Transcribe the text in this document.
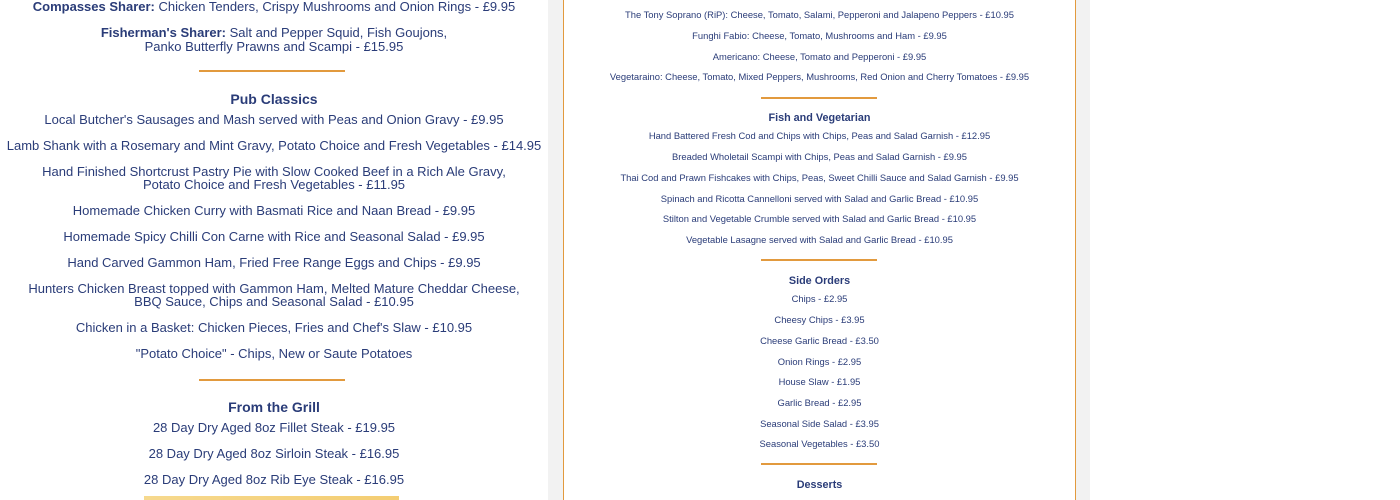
Compasses Sharer: Chicken Tenders, Crispy Mushrooms and Onion Rings - £9.95
Fisherman's Sharer: Salt and Pepper Squid, Fish Goujons,
Panko Butterfly Prawns and Scampi - £15.95
Pub Classics
Local Butcher's Sausages and Mash served with Peas and Onion Gravy - £9.95
Lamb Shank with a Rosemary and Mint Gravy, Potato Choice and Fresh Vegetables - £14.95
Hand Finished Shortcrust Pastry Pie with Slow Cooked Beef in a Rich Ale Gravy,
Potato Choice and Fresh Vegetables - £11.95
Homemade Chicken Curry with Basmati Rice and Naan Bread - £9.95
Homemade Spicy Chilli Con Carne with Rice and Seasonal Salad - £9.95
Hand Carved Gammon Ham, Fried Free Range Eggs and Chips - £9.95
Hunters Chicken Breast topped with Gammon Ham, Melted Mature Cheddar Cheese,
BBQ Sauce, Chips and Seasonal Salad - £10.95
Chicken in a Basket: Chicken Pieces, Fries and Chef's Slaw - £10.95
"Potato Choice" - Chips, New or Saute Potatoes
From the Grill
28 Day Dry Aged 8oz Fillet Steak - £19.95
28 Day Dry Aged 8oz Sirloin Steak - £16.95
28 Day Dry Aged 8oz Rib Eye Steak - £16.95
The Tony Soprano (RiP): Cheese, Tomato, Salami, Pepperoni and Jalapeno Peppers - £10.95
Funghi Fabio: Cheese, Tomato, Mushrooms and Ham - £9.95
Americano: Cheese, Tomato and Pepperoni - £9.95
Vegetaraino: Cheese, Tomato, Mixed Peppers, Mushrooms, Red Onion and Cherry Tomatoes - £9.95
Fish and Vegetarian
Hand Battered Fresh Cod and Chips with Chips, Peas and Salad Garnish - £12.95
Breaded Wholetail Scampi with Chips, Peas and Salad Garnish - £9.95
Thai Cod and Prawn Fishcakes with Chips, Peas, Sweet Chilli Sauce and Salad Garnish - £9.95
Spinach and Ricotta Cannelloni served with Salad and Garlic Bread - £10.95
Stilton and Vegetable Crumble served with Salad and Garlic Bread - £10.95
Vegetable Lasagne served with Salad and Garlic Bread - £10.95
Side Orders
Chips - £2.95
Cheesy Chips - £3.95
Cheese Garlic Bread - £3.50
Onion Rings - £2.95
House Slaw - £1.95
Garlic Bread - £2.95
Seasonal Side Salad - £3.95
Seasonal Vegetables - £3.50
Desserts
